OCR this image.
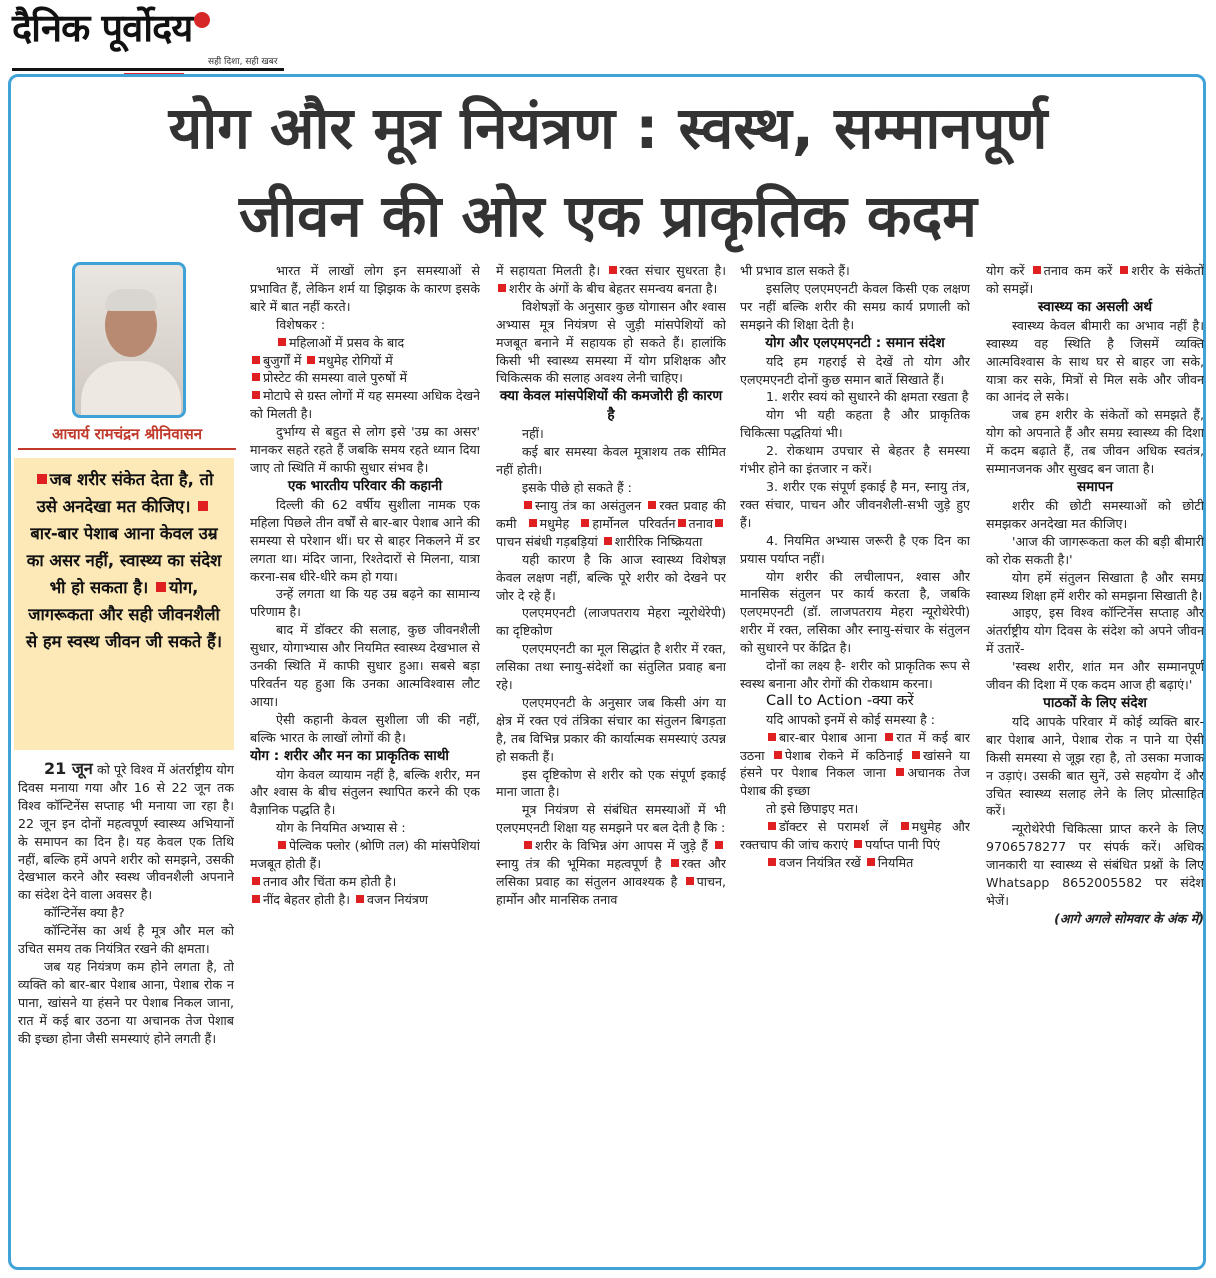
दैनिक पूर्वोदय
सही दिशा, सही खबर
योग और मूत्र नियंत्रण : स्वस्थ, सम्मानपूर्ण
जीवन की ओर एक प्राकृतिक कदम
आचार्य रामचंद्रन श्रीनिवासन
जब शरीर संकेत देता है, तो उसे अनदेखा मत कीजिए। बार-बार पेशाब आना केवल उम्र का असर नहीं, स्वास्थ्य का संदेश भी हो सकता है। योग, जागरूकता और सही जीवनशैली से हम स्वस्थ जीवन जी सकते हैं।

21 जून को पूरे विश्व में अंतर्राष्ट्रीय योग दिवस मनाया गया और 16 से 22 जून तक विश्व कॉन्टिनेंस सप्ताह भी मनाया जा रहा है। 22 जून इन दोनों महत्वपूर्ण स्वास्थ्य अभियानों के समापन का दिन है। यह केवल एक तिथि नहीं, बल्कि हमें अपने शरीर को समझने, उसकी देखभाल करने और स्वस्थ जीवनशैली अपनाने का संदेश देने वाला अवसर है।

कॉन्टिनेंस क्या है?

कॉन्टिनेंस का अर्थ है मूत्र और मल को उचित समय तक नियंत्रित रखने की क्षमता।

जब यह नियंत्रण कम होने लगता है, तो व्यक्ति को बार-बार पेशाब आना, पेशाब रोक न पाना, खांसने या हंसने पर पेशाब निकल जाना, रात में कई बार उठना या अचानक तेज पेशाब की इच्छा होना जैसी समस्याएं होने लगती हैं।

भारत में लाखों लोग इन समस्याओं से प्रभावित हैं, लेकिन शर्म या झिझक के कारण इसके बारे में बात नहीं करते।

विशेषकर :

महिलाओं में प्रसव के बाद

बुजुर्गों में मधुमेह रोगियों में

प्रोस्टेट की समस्या वाले पुरुषों में

मोटापे से ग्रस्त लोगों में यह समस्या अधिक देखने को मिलती है।

दुर्भाग्य से बहुत से लोग इसे 'उम्र का असर' मानकर सहते रहते हैं जबकि समय रहते ध्यान दिया जाए तो स्थिति में काफी सुधार संभव है।

एक भारतीय परिवार की कहानी

दिल्ली की 62 वर्षीय सुशीला नामक एक महिला पिछले तीन वर्षों से बार-बार पेशाब आने की समस्या से परेशान थीं। घर से बाहर निकलने में डर लगता था। मंदिर जाना, रिश्तेदारों से मिलना, यात्रा करना-सब धीरे-धीरे कम हो गया।

उन्हें लगता था कि यह उम्र बढ़ने का सामान्य परिणाम है।

बाद में डॉक्टर की सलाह, कुछ जीवनशैली सुधार, योगाभ्यास और नियमित स्वास्थ्य देखभाल से उनकी स्थिति में काफी सुधार हुआ। सबसे बड़ा परिवर्तन यह हुआ कि उनका आत्मविश्वास लौट आया।

ऐसी कहानी केवल सुशीला जी की नहीं, बल्कि भारत के लाखों लोगों की है।

योग : शरीर और मन का प्राकृतिक साथी

योग केवल व्यायाम नहीं है, बल्कि शरीर, मन और श्वास के बीच संतुलन स्थापित करने की एक वैज्ञानिक पद्धति है।

योग के नियमित अभ्यास से :

पेल्विक फ्लोर (श्रोणि तल) की मांसपेशियां मजबूत होती हैं।

तनाव और चिंता कम होती है।

नींद बेहतर होती है। वजन नियंत्रण

में सहायता मिलती है। रक्त संचार सुधरता है। शरीर के अंगों के बीच बेहतर समन्वय बनता है।

विशेषज्ञों के अनुसार कुछ योगासन और श्वास अभ्यास मूत्र नियंत्रण से जुड़ी मांसपेशियों को मजबूत बनाने में सहायक हो सकते हैं। हालांकि किसी भी स्वास्थ्य समस्या में योग प्रशिक्षक और चिकित्सक की सलाह अवश्य लेनी चाहिए।

क्या केवल मांसपेशियों की कमजोरी ही कारण है

नहीं।

कई बार समस्या केवल मूत्राशय तक सीमित नहीं होती।

इसके पीछे हो सकते हैं :

स्नायु तंत्र का असंतुलन रक्त प्रवाह की कमी मधुमेह हार्मोनल परिवर्तन तनावपाचन संबंधी गड़बड़ियां शारीरिक निष्क्रियता

यही कारण है कि आज स्वास्थ्य विशेषज्ञ केवल लक्षण नहीं, बल्कि पूरे शरीर को देखने पर जोर दे रहे हैं।

एलएमएनटी (लाजपतराय मेहरा न्यूरोथेरेपी) का दृष्टिकोण

एलएमएनटी का मूल सिद्धांत है शरीर में रक्त, लसिका तथा स्नायु-संदेशों का संतुलित प्रवाह बना रहे।

एलएमएनटी के अनुसार जब किसी अंग या क्षेत्र में रक्त एवं तंत्रिका संचार का संतुलन बिगड़ता है, तब विभिन्न प्रकार की कार्यात्मक समस्याएं उत्पन्न हो सकती हैं।

इस दृष्टिकोण से शरीर को एक संपूर्ण इकाई माना जाता है।

मूत्र नियंत्रण से संबंधित समस्याओं में भी एलएमएनटी शिक्षा यह समझने पर बल देती है कि :

शरीर के विभिन्न अंग आपस में जुड़े हैं स्नायु तंत्र की भूमिका महत्वपूर्ण है रक्त और लसिका प्रवाह का संतुलन आवश्यक है पाचन, हार्मोन और मानसिक तनाव

भी प्रभाव डाल सकते हैं।

इसलिए एलएमएनटी केवल किसी एक लक्षण पर नहीं बल्कि शरीर की समग्र कार्य प्रणाली को समझने की शिक्षा देती है।

योग और एलएमएनटी : समान संदेश

यदि हम गहराई से देखें तो योग और एलएमएनटी दोनों कुछ समान बातें सिखाते हैं।

1. शरीर स्वयं को सुधारने की क्षमता रखता है

योग भी यही कहता है और प्राकृतिक चिकित्सा पद्धतियां भी।

2. रोकथाम उपचार से बेहतर है समस्या गंभीर होने का इंतजार न करें।

3. शरीर एक संपूर्ण इकाई है मन, स्नायु तंत्र, रक्त संचार, पाचन और जीवनशैली-सभी जुड़े हुए हैं।

4. नियमित अभ्यास जरूरी है एक दिन का प्रयास पर्याप्त नहीं।

योग शरीर की लचीलापन, श्वास और मानसिक संतुलन पर कार्य करता है, जबकि एलएमएनटी (डॉ. लाजपतराय मेहरा न्यूरोथेरेपी) शरीर में रक्त, लसिका और स्नायु-संचार के संतुलन को सुधारने पर केंद्रित है।

दोनों का लक्ष्य है- शरीर को प्राकृतिक रूप से स्वस्थ बनाना और रोगों की रोकथाम करना।

Call to Action -क्या करें

यदि आपको इनमें से कोई समस्या है :

बार-बार पेशाब आना रात में कई बार उठना पेशाब रोकने में कठिनाई खांसने या हंसने पर पेशाब निकल जाना अचानक तेज पेशाब की इच्छा

तो इसे छिपाइए मत।

डॉक्टर से परामर्श लें मधुमेह और रक्तचाप की जांच कराएं पर्याप्त पानी पिएं

वजन नियंत्रित रखें नियमित

योग करें तनाव कम करें शरीर के संकेतों को समझें।

स्वास्थ्य का असली अर्थ

स्वास्थ्य केवल बीमारी का अभाव नहीं है। स्वास्थ्य वह स्थिति है जिसमें व्यक्ति आत्मविश्वास के साथ घर से बाहर जा सके, यात्रा कर सके, मित्रों से मिल सके और जीवन का आनंद ले सके।

जब हम शरीर के संकेतों को समझते हैं, योग को अपनाते हैं और समग्र स्वास्थ्य की दिशा में कदम बढ़ाते हैं, तब जीवन अधिक स्वतंत्र, सम्मानजनक और सुखद बन जाता है।

समापन

शरीर की छोटी समस्याओं को छोटी समझकर अनदेखा मत कीजिए।

'आज की जागरूकता कल की बड़ी बीमारी को रोक सकती है।'

योग हमें संतुलन सिखाता है और समग्र स्वास्थ्य शिक्षा हमें शरीर को समझना सिखाती है।

आइए, इस विश्व कॉन्टिनेंस सप्ताह और अंतर्राष्ट्रीय योग दिवस के संदेश को अपने जीवन में उतारें-

'स्वस्थ शरीर, शांत मन और सम्मानपूर्ण जीवन की दिशा में एक कदम आज ही बढ़ाएं।'

पाठकों के लिए संदेश

यदि आपके परिवार में कोई व्यक्ति बार-बार पेशाब आने, पेशाब रोक न पाने या ऐसी किसी समस्या से जूझ रहा है, तो उसका मजाक न उड़ाएं। उसकी बात सुनें, उसे सहयोग दें और उचित स्वास्थ्य सलाह लेने के लिए प्रोत्साहित करें।

न्यूरोथेरेपी चिकित्सा प्राप्त करने के लिए 9706578277 पर संपर्क करें। अधिक जानकारी या स्वास्थ्य से संबंधित प्रश्नों के लिए Whatsapp 8652005582 पर संदेश भेजें।

(आगे अगले सोमवार के अंक में)
